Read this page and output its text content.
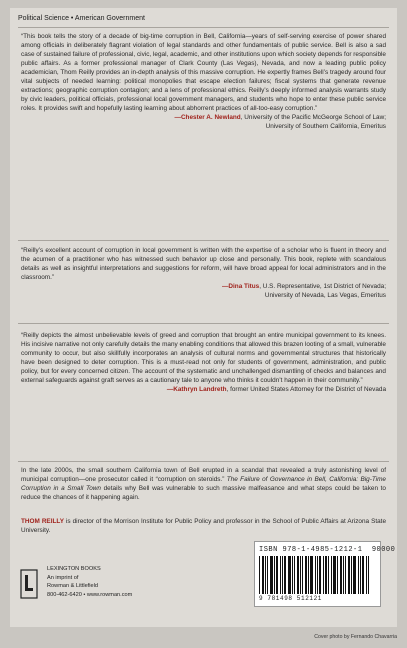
Political Science • American Government
“This book tells the story of a decade of big-time corruption in Bell, California—years of self-serving exercise of power shared among officials in deliberately flagrant violation of legal standards and other fundamentals of public service. Bell is also a sad case of sustained failure of professional, civic, legal, academic, and other institutions upon which society depends for responsible public affairs. As a former professional manager of Clark County (Las Vegas), Nevada, and now a leading public policy academician, Thom Reilly provides an in-depth analysis of this massive corruption. He expertly frames Bell’s tragedy around four vital subjects of needed learning: political monopolies that escape election failures; fiscal systems that generate revenue extractions; geographic corruption contagion; and a lens of professional ethics. Reilly’s deeply informed analysis warrants study by civic leaders, political officials, professional local government managers, and students who hope to enter these public service roles. It provides swift and hopefully lasting learning about abhorrent practices of all-too-easy corruption.”
—Chester A. Newland, University of the Pacific McGeorge School of Law;
University of Southern California, Emeritus
“Reilly’s excellent account of corruption in local government is written with the expertise of a scholar who is fluent in theory and the acumen of a practitioner who has witnessed such behavior up close and personally. This book, replete with scandalous details as well as insightful interpretations and suggestions for reform, will have broad appeal for local administrators and in the classroom.”
—Dina Titus, U.S. Representative, 1st District of Nevada;
University of Nevada, Las Vegas, Emeritus
“Reilly depicts the almost unbelievable levels of greed and corruption that brought an entire municipal government to its knees. His incisive narrative not only carefully details the many enabling conditions that allowed this brazen looting of a small, vulnerable community to occur, but also skillfully incorporates an analysis of cultural norms and governmental structures that historically have been designed to deter corruption. This is a must-read not only for students of government, administration, and public policy, but for every concerned citizen. The account of the systematic and unchallenged dismantling of checks and balances and external safeguards against graft serves as a cautionary tale to anyone who thinks it couldn’t happen in their community.”
—Kathryn Landreth, former United States Attorney for the District of Nevada
In the late 2000s, the small southern California town of Bell erupted in a scandal that revealed a truly astonishing level of municipal corruption—one prosecutor called it “corruption on steroids.” The Failure of Governance in Bell, California: Big-Time Corruption in a Small Town details why Bell was vulnerable to such massive malfeasance and what steps could be taken to reduce the chances of it happening again.
THOM REILLY is director of the Morrison Institute for Public Policy and professor in the School of Public Affairs at Arizona State University.
LEXINGTON BOOKS
An imprint of
Rowman & Littlefield
800-462-6420 • www.rowman.com
ISBN 978-1-4985-1212-1 90000
9 781498 512121
Cover photo by Fernando Chavarria
